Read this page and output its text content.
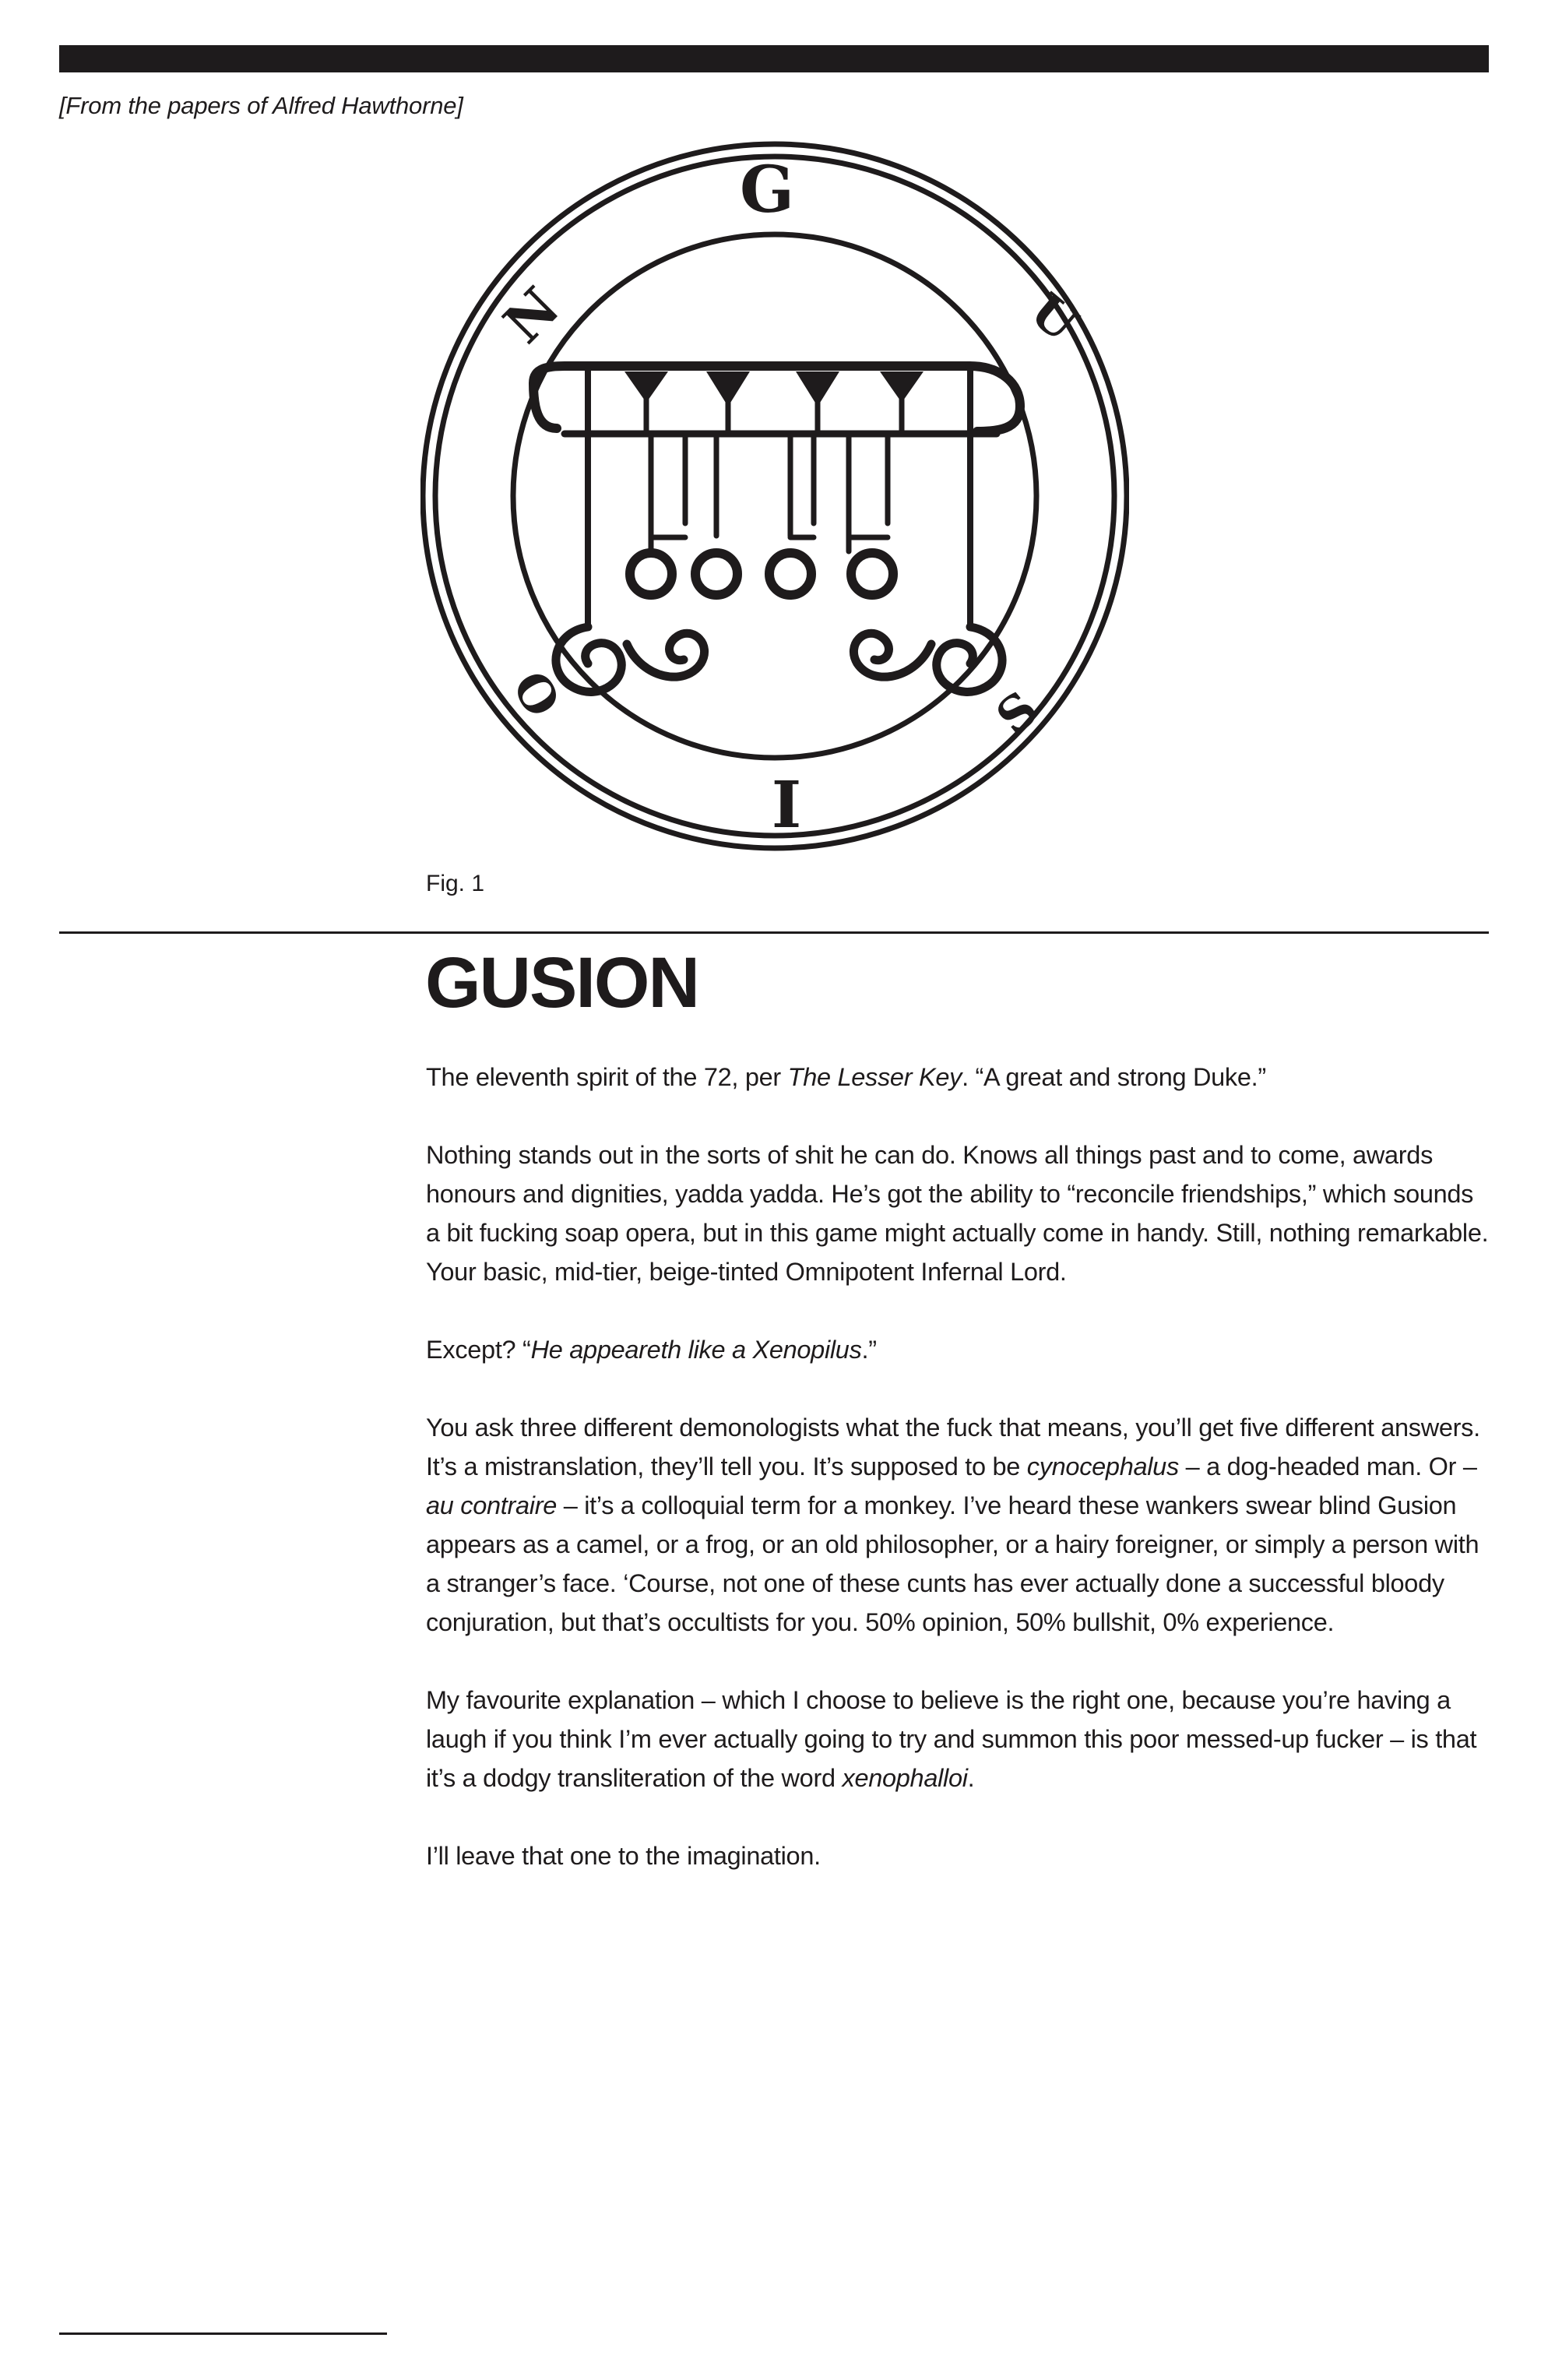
[From the papers of Alfred Hawthorne]
G
U
S
I
O
N
Fig. 1
GUSION

The eleventh spirit of the 72, per The Lesser Key. “A great and strong Duke.”

Nothing stands out in the sorts of shit he can do. Knows all things past and to come, awards honours and dignities, yadda yadda. He’s got the ability to “reconcile friendships,” which sounds a bit fucking soap opera, but in this game might actually come in handy. Still, nothing remarkable. Your basic, mid-tier, beige-tinted Omnipotent Infernal Lord.

Except? “He appeareth like a Xenopilus.”

You ask three different demonologists what the fuck that means, you’ll get five different answers. It’s a mistranslation, they’ll tell you. It’s supposed to be cynocephalus – a dog-headed man. Or – au contraire – it’s a colloquial term for a monkey. I’ve heard these wankers swear blind Gusion appears as a camel, or a frog, or an old philosopher, or a hairy foreigner, or simply a person with a stranger’s face. ‘Course, not one of these cunts has ever actually done a successful bloody conjuration, but that’s occultists for you. 50% opinion, 50% bullshit, 0% experience.

My favourite explanation – which I choose to believe is the right one, because you’re having a laugh if you think I’m ever actually going to try and summon this poor messed-up fucker – is that it’s a dodgy transliteration of the word xenophalloi.

I’ll leave that one to the imagination.
